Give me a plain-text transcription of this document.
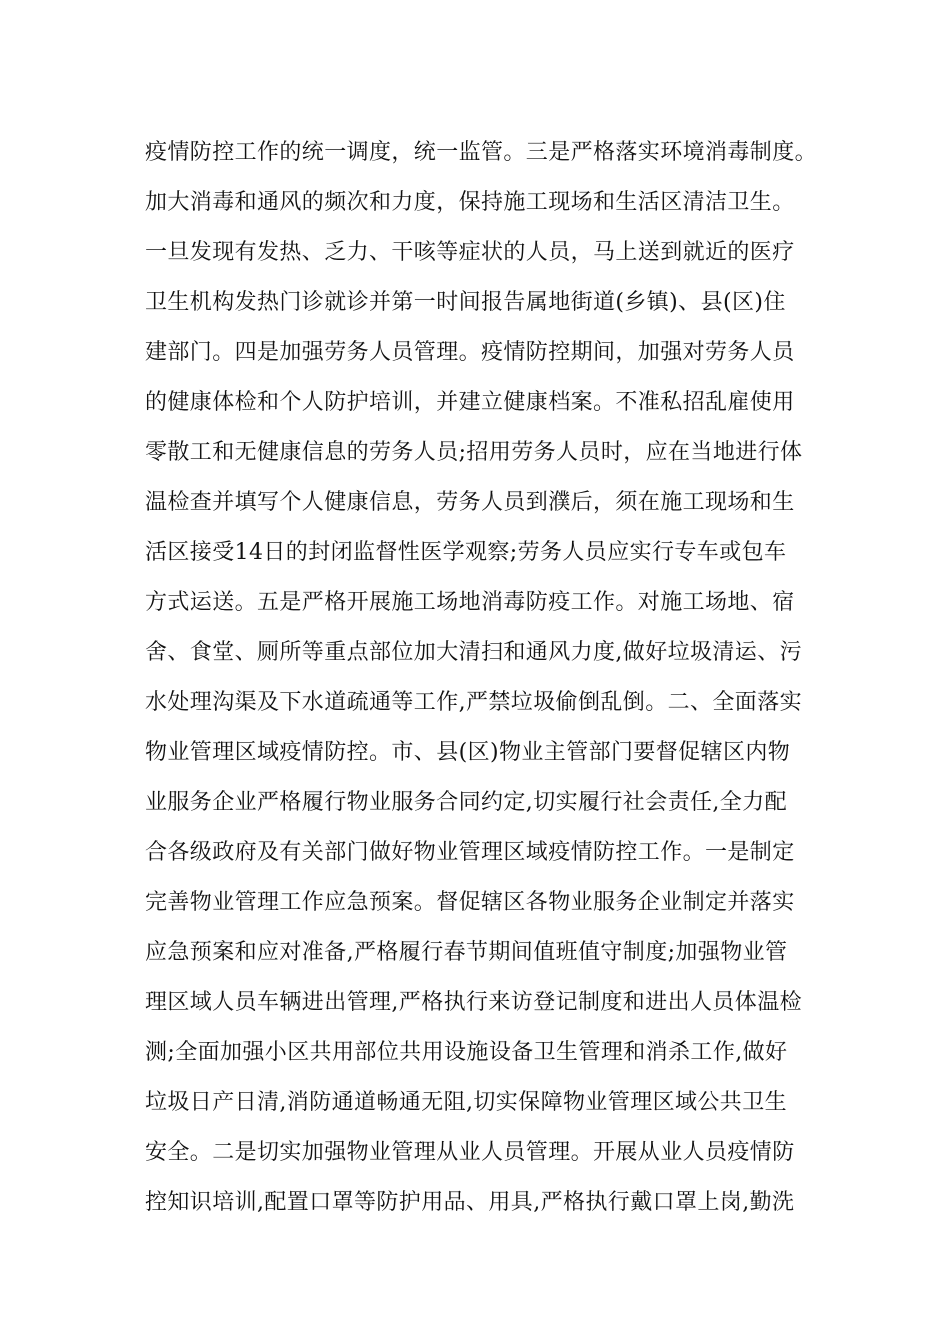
疫情防控工作的统一调度，统一监管。三是严格落实环境消毒制度。
加大消毒和通风的频次和力度，保持施工现场和生活区清洁卫生。
一旦发现有发热、乏力、干咳等症状的人员，马上送到就近的医疗
卫生机构发热门诊就诊并第一时间报告属地街道(乡镇)、县(区)住
建部门。四是加强劳务人员管理。疫情防控期间，加强对劳务人员
的健康体检和个人防护培训，并建立健康档案。不准私招乱雇使用
零散工和无健康信息的劳务人员;招用劳务人员时，应在当地进行体
温检查并填写个人健康信息，劳务人员到濮后，须在施工现场和生
活区接受14日的封闭监督性医学观察;劳务人员应实行专车或包车
方式运送。五是严格开展施工场地消毒防疫工作。对施工场地、宿
舍、食堂、厕所等重点部位加大清扫和通风力度,做好垃圾清运、污
水处理沟渠及下水道疏通等工作,严禁垃圾偷倒乱倒。二、全面落实
物业管理区域疫情防控。市、县(区)物业主管部门要督促辖区内物
业服务企业严格履行物业服务合同约定,切实履行社会责任,全力配
合各级政府及有关部门做好物业管理区域疫情防控工作。一是制定
完善物业管理工作应急预案。督促辖区各物业服务企业制定并落实
应急预案和应对准备,严格履行春节期间值班值守制度;加强物业管
理区域人员车辆进出管理,严格执行来访登记制度和进出人员体温检
测;全面加强小区共用部位共用设施设备卫生管理和消杀工作,做好
垃圾日产日清,消防通道畅通无阻,切实保障物业管理区域公共卫生
安全。二是切实加强物业管理从业人员管理。开展从业人员疫情防
控知识培训,配置口罩等防护用品、用具,严格执行戴口罩上岗,勤洗
